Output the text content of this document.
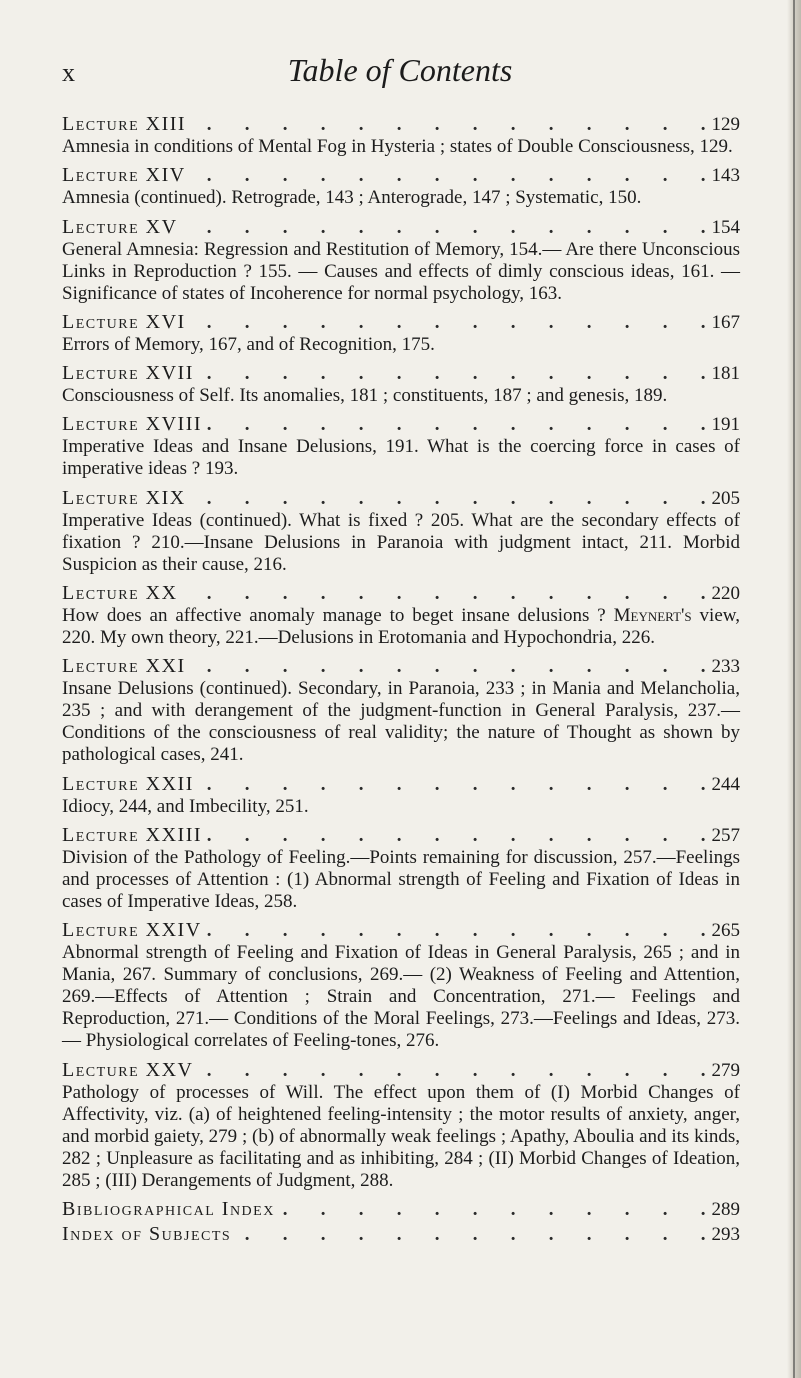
x	Table of Contents
Lecture XIII .	129
Amnesia in conditions of Mental Fog in Hysteria ; states of Double Consciousness, 129.
Lecture XIV .	143
Amnesia (continued). Retrograde, 143 ; Anterograde, 147 ; Systematic, 150.
Lecture XV .	154
General Amnesia: Regression and Restitution of Memory, 154.— Are there Unconscious Links in Reproduction ? 155. — Causes and effects of dimly conscious ideas, 161. — Significance of states of Incoherence for normal psychology, 163.
Lecture XVI .	167
Errors of Memory, 167, and of Recognition, 175.
Lecture XVII .	181
Consciousness of Self. Its anomalies, 181 ; constituents, 187 ; and genesis, 189.
Lecture XVIII .	191
Imperative Ideas and Insane Delusions, 191. What is the coercing force in cases of imperative ideas ? 193.
Lecture XIX .	205
Imperative Ideas (continued). What is fixed ? 205. What are the secondary effects of fixation ? 210.—Insane Delusions in Paranoia with judgment intact, 211. Morbid Suspicion as their cause, 216.
Lecture XX .	220
How does an affective anomaly manage to beget insane delusions ? Meynert's view, 220. My own theory, 221.—Delusions in Erotomania and Hypochondria, 226.
Lecture XXI .	233
Insane Delusions (continued). Secondary, in Paranoia, 233 ; in Mania and Melancholia, 235 ; and with derangement of the judgment-function in General Paralysis, 237.—Conditions of the consciousness of real validity; the nature of Thought as shown by pathological cases, 241.
Lecture XXII .	244
Idiocy, 244, and Imbecility, 251.
Lecture XXIII .	257
Division of the Pathology of Feeling.—Points remaining for discussion, 257.—Feelings and processes of Attention : (1) Abnormal strength of Feeling and Fixation of Ideas in cases of Imperative Ideas, 258.
Lecture XXIV .	265
Abnormal strength of Feeling and Fixation of Ideas in General Paralysis, 265 ; and in Mania, 267. Summary of conclusions, 269.— (2) Weakness of Feeling and Attention, 269.—Effects of Attention ; Strain and Concentration, 271.— Feelings and Reproduction, 271.— Conditions of the Moral Feelings, 273.—Feelings and Ideas, 273.— Physiological correlates of Feeling-tones, 276.
Lecture XXV .	279
Pathology of processes of Will. The effect upon them of (I) Morbid Changes of Affectivity, viz. (a) of heightened feeling-intensity ; the motor results of anxiety, anger, and morbid gaiety, 279 ; (b) of abnormally weak feelings ; Apathy, Aboulia and its kinds, 282 ; Unpleasure as facilitating and as inhibiting, 284 ; (II) Morbid Changes of Ideation, 285 ; (III) Derangements of Judgment, 288.
Bibliographical Index .	289
Index of Subjects .	293
